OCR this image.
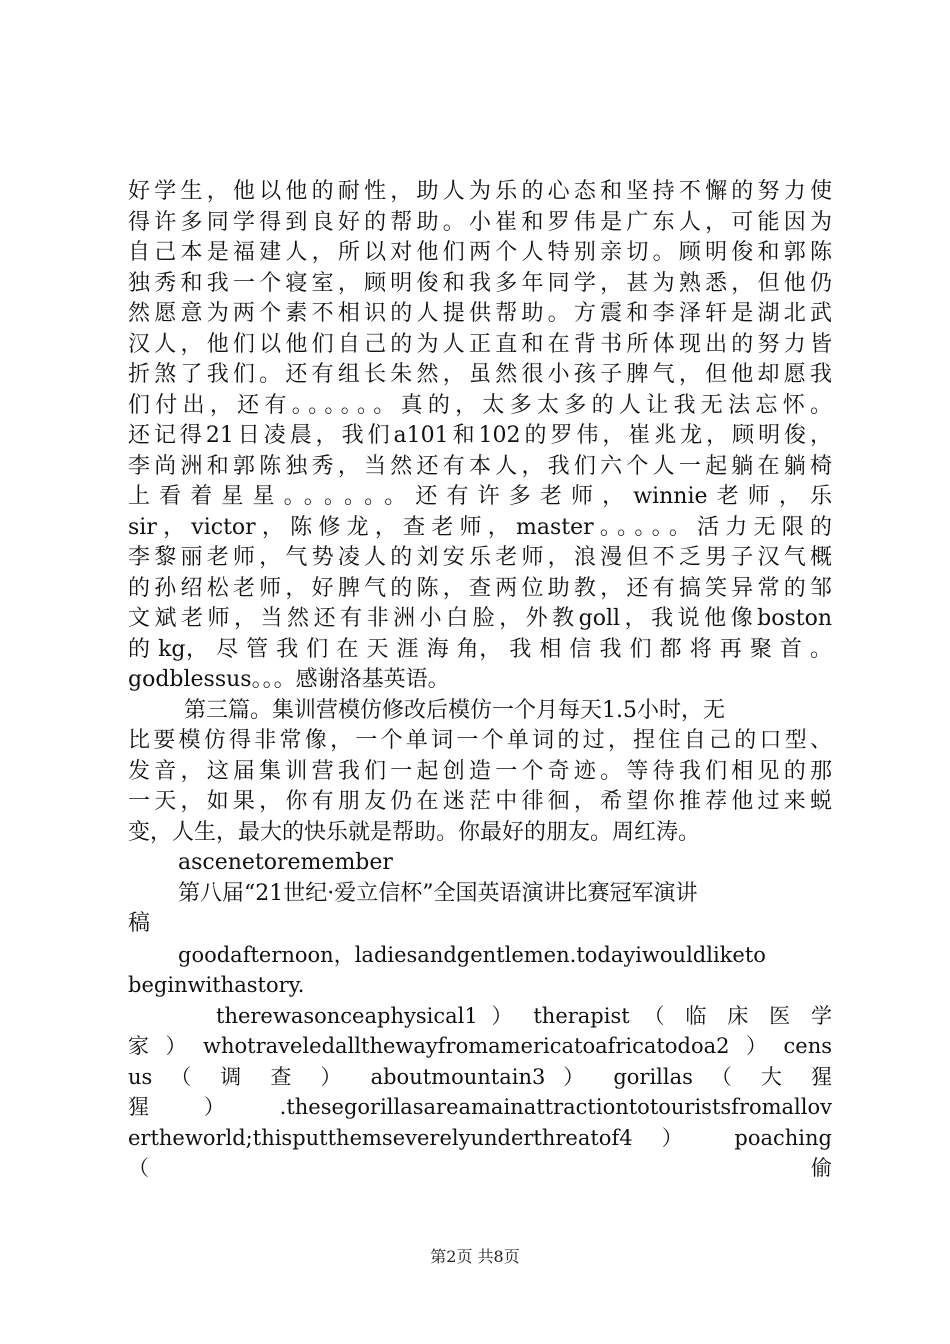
好学生，他以他的耐性，助人为乐的心态和坚持不懈的努力使
得许多同学得到良好的帮助。小崔和罗伟是广东人，可能因为
自己本是福建人，所以对他们两个人特别亲切。顾明俊和郭陈
独秀和我一个寝室，顾明俊和我多年同学，甚为熟悉，但他仍
然愿意为两个素不相识的人提供帮助。方震和李泽轩是湖北武
汉人，他们以他们自己的为人正直和在背书所体现出的努力皆
折煞了我们。还有组长朱然，虽然很小孩子脾气，但他却愿我
们付出，还有。。。。。。真的，太多太多的人让我无法忘怀。
还记得21日凌晨，我们a101和102的罗伟，崔兆龙，顾明俊，
李尚洲和郭陈独秀，当然还有本人，我们六个人一起躺在躺椅
上看着星星。。。。。。还有许多老师，winnie老师，乐
sir，victor，陈修龙，查老师，master。。。。。活力无限的
李黎丽老师，气势凌人的刘安乐老师，浪漫但不乏男子汉气概
的孙绍松老师，好脾气的陈，查两位助教，还有搞笑异常的邹
文斌老师，当然还有非洲小白脸，外教goll，我说他像boston
的 kg， 尽 管 我 们 在 天 涯 海 角， 我 相 信 我 们 都 将 再 聚 首 。
godblessus。。。感谢洛基英语。
第三篇。集训营模仿修改后模仿一个月每天1.5小时，无
比要模仿得非常像，一个单词一个单词的过，捏住自己的口型、
发音，这届集训营我们一起创造一个奇迹。等待我们相见的那
一天，如果，你有朋友仍在迷茫中徘徊，希望你推荐他过来蜕
变，人生，最大的快乐就是帮助。你最好的朋友。周红涛。
ascenetoremember
第八届“21世纪·爱立信杯”全国英语演讲比赛冠军演讲
稿
goodafternoon，ladiesandgentlemen.todayiwouldliketo
beginwithastory.
therewasonceaphysical1 ） therapist （ 临 床 医 学
家）whotraveledallthewayfromamericatoafricatodoa2）cens
us （ 调 查 ） aboutmountain3 ） gorillas （ 大 猩
猩）.thesegorillasareamainattractiontotouristsfromallov
ertheworld;thisputthemseverelyunderthreatof4 ） poaching
（ 偷
第2页 共8页
